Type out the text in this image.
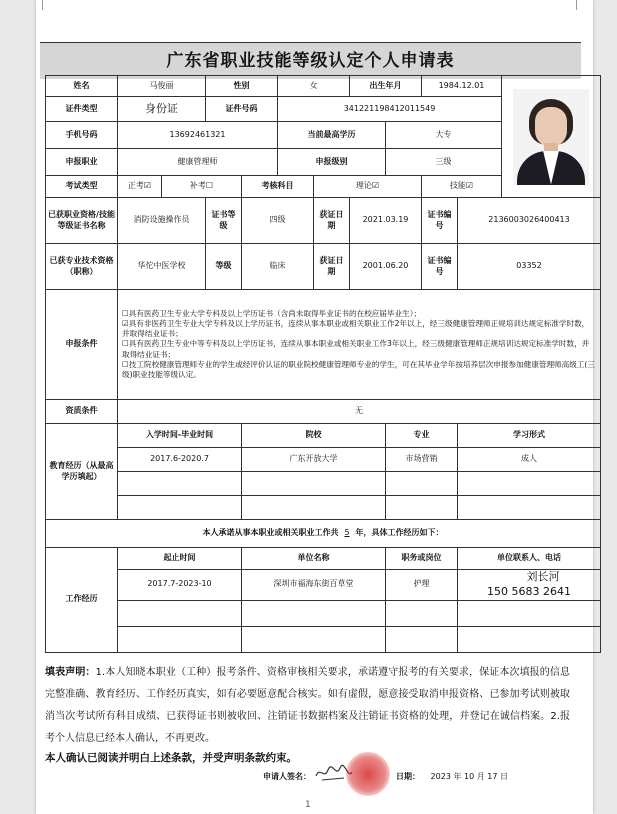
广东省职业技能等级认定个人申请表
姓名	马俊丽		性别		女		出生年月		1984.12.01		

证件类型	身份证		证件号码		341221198412011549						
手机号码	13692461321				当前最高学历			大专			
申报职业	健康管理师				申报级别			三级			
考试类型	正考☑	补考☐		考核科目		理论☑			技能☑		
已获职业资格/技能等级证书名称	消防设施操作员		证书等级	四级		获证日期	2021.03.19		证书编号	2136003026400413	
已获专业技术资格（职称）	华佗中医学校		等级	临床		获证日期	2001.06.20		证书编号	03352	
申报条件	☐具有医药卫生专业大学专科及以上学历证书（含尚未取得毕业证书的在校应届毕业生）；
☑具有非医药卫生专业大学专科及以上学历证书，连续从事本职业或相关职业工作2年以上，经三级健康管理师正规培训达规定标准学时数，并取得结业证书；
☐具有医药卫生专业中等专科及以上学历证书，连续从事本职业或相关职业工作3年以上，经三级健康管理师正规培训达规定标准学时数，并取得结业证书；
☐技工院校健康管理师专业的学生或经评价认证的职业院校健康管理师专业的学生，可在其毕业学年按培养层次申报参加健康管理师高级工(三级)职业技能等级认定。										

资质条件	无										
教育经历（从最高学历填起）	入学时间-毕业时间			院校				专业		学习形式	
	2017.6-2020.7			广东开放大学				市场营销		成人	

本人承诺从事本职业或相关职业工作共 5 年，具体工作经历如下：											
工作经历	起止时间			单位名称				职务或岗位		单位联系人、电话	
	2017.7-2023-10			深圳市福海东街百草堂				护理		刘长河
150 5683 2641	

填表声明：1.本人知晓本职业（工种）报考条件、资格审核相关要求，承诺遵守报考的有关要求，保证本次填报的信息完整准确、教育经历、工作经历真实，如有必要愿意配合核实。如有虚假，愿意接受取消申报资格、已参加考试则被取消当次考试所有科目成绩、已获得证书则被收回、注销证书数据档案及注销证书资格的处理，并登记在诚信档案。2.报考个人信息已经本人确认，不再更改。
本人确认已阅读并明白上述条款，并受声明条款约束。
申请人签名：	日期： 2023 年 10 月 17 日
1
